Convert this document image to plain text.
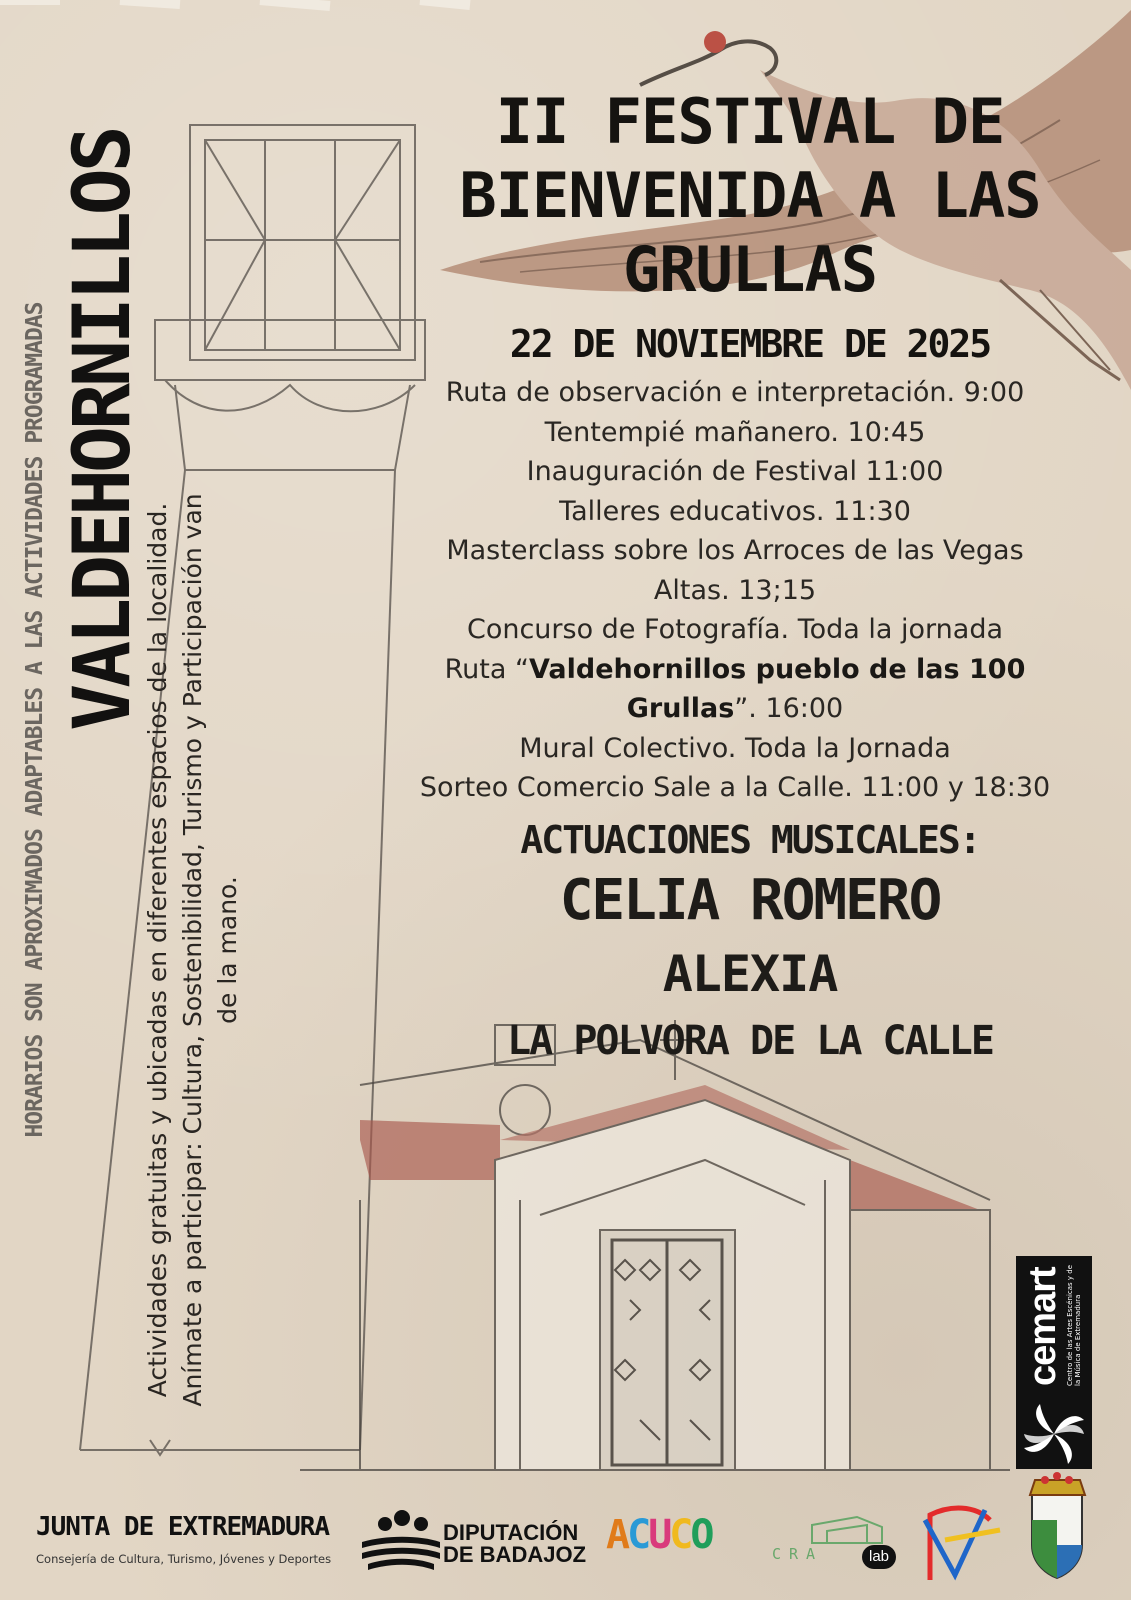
II FESTIVAL DE
BIENVENIDA A LAS
GRULLAS
22 DE NOVIEMBRE DE 2025
Ruta de observación e interpretación. 9:00
Tentempié mañanero. 10:45
Inauguración de Festival 11:00
Talleres educativos. 11:30
Masterclass sobre los Arroces de las Vegas Altas. 13;15
Concurso de Fotografía. Toda la jornada
Ruta “Valdehornillos pueblo de las 100 Grullas”. 16:00
Mural Colectivo. Toda la Jornada
Sorteo Comercio Sale a la Calle. 11:00 y 18:30
ACTUACIONES MUSICALES:
CELIA ROMERO
ALEXIA
LA POLVORA DE LA CALLE
VALDEHORNILLOS
HORARIOS SON APROXIMADOS ADAPTABLES A LAS ACTIVIDADES PROGRAMADAS	Actividades gratuitas y ubicadas en diferentes espacios de la localidad. Anímate a participar: Cultura, Sostenibilidad, Turismo y Participación van de la mano.
cemart Centro de las Artes Escénicas y de la Música de Extremadura
JUNTA DE EXTREMADURA
Consejería de Cultura, Turismo, Jóvenes y Deportes
DIPUTACIÓN
DE BADAJOZ ACUCO	CRA	lab
